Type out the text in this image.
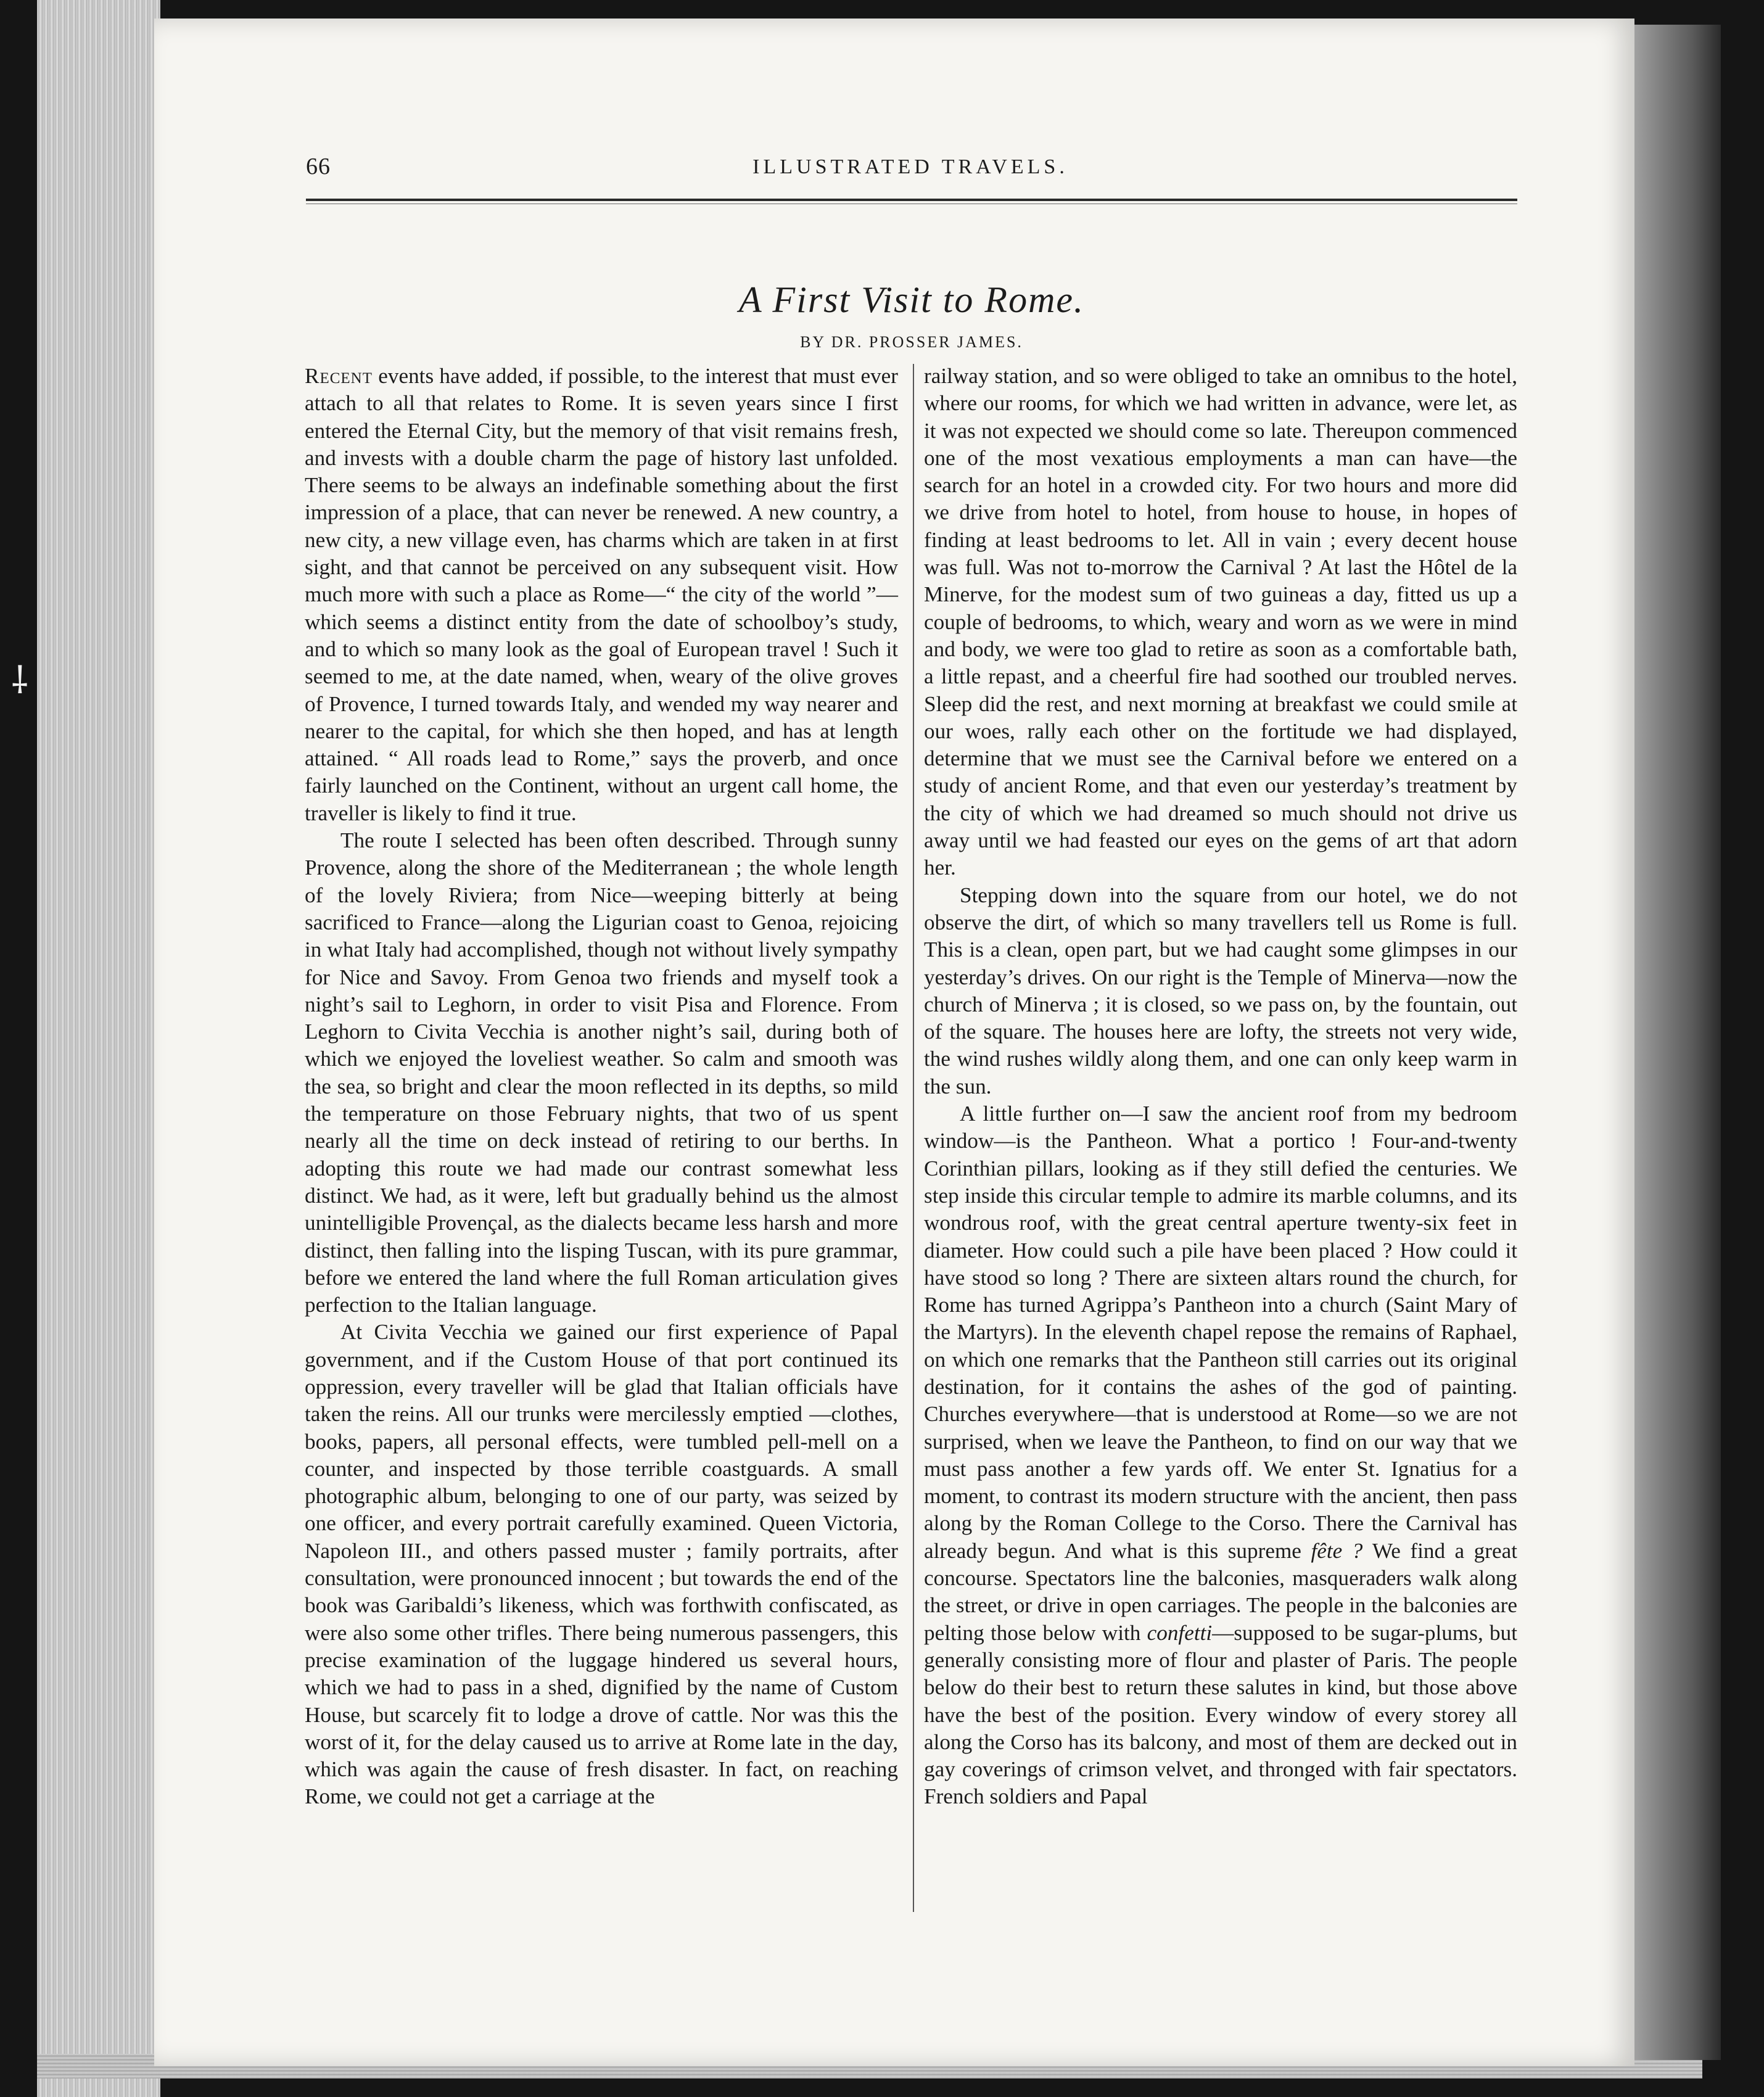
⸸
66	ILLUSTRATED TRAVELS.
A First Visit to Rome.
BY DR. PROSSER JAMES.

Recent events have added, if possible, to the interest that must ever attach to all that relates to Rome. It is seven years since I first entered the Eternal City, but the memory of that visit remains fresh, and invests with a double charm the page of history last unfolded. There seems to be always an indefinable something about the first impression of a place, that can never be renewed. A new country, a new city, a new village even, has charms which are taken in at first sight, and that cannot be perceived on any subsequent visit. How much more with such a place as Rome—“ the city of the world ”—which seems a distinct entity from the date of schoolboy’s study, and to which so many look as the goal of European travel ! Such it seemed to me, at the date named, when, weary of the olive groves of Provence, I turned towards Italy, and wended my way nearer and nearer to the capital, for which she then hoped, and has at length attained. “ All roads lead to Rome,” says the proverb, and once fairly launched on the Continent, without an urgent call home, the traveller is likely to find it true.

The route I selected has been often described. Through sunny Provence, along the shore of the Mediterranean ; the whole length of the lovely Riviera; from Nice—weeping bitterly at being sacrificed to France—along the Ligurian coast to Genoa, rejoicing in what Italy had accomplished, though not without lively sympathy for Nice and Savoy. From Genoa two friends and myself took a night’s sail to Leghorn, in order to visit Pisa and Florence. From Leghorn to Civita Vecchia is another night’s sail, during both of which we enjoyed the loveliest weather. So calm and smooth was the sea, so bright and clear the moon reflected in its depths, so mild the temperature on those February nights, that two of us spent nearly all the time on deck instead of retiring to our berths. In adopting this route we had made our contrast somewhat less distinct. We had, as it were, left but gradually behind us the almost unintelligible Provençal, as the dialects became less harsh and more distinct, then falling into the lisping Tuscan, with its pure grammar, before we entered the land where the full Roman articulation gives perfection to the Italian language.

At Civita Vecchia we gained our first experience of Papal government, and if the Custom House of that port continued its oppression, every traveller will be glad that Italian officials have taken the reins. All our trunks were mercilessly emptied —clothes, books, papers, all personal effects, were tumbled pell-mell on a counter, and inspected by those terrible coastguards. A small photographic album, belonging to one of our party, was seized by one officer, and every portrait carefully examined. Queen Victoria, Napoleon III., and others passed muster ; family portraits, after consultation, were pronounced innocent ; but towards the end of the book was Garibaldi’s likeness, which was forthwith confiscated, as were also some other trifles. There being numerous passengers, this precise examination of the luggage hindered us several hours, which we had to pass in a shed, dignified by the name of Custom House, but scarcely fit to lodge a drove of cattle. Nor was this the worst of it, for the delay caused us to arrive at Rome late in the day, which was again the cause of fresh disaster. In fact, on reaching Rome, we could not get a carriage at the

railway station, and so were obliged to take an omnibus to the hotel, where our rooms, for which we had written in advance, were let, as it was not expected we should come so late. Thereupon commenced one of the most vexatious employments a man can have—the search for an hotel in a crowded city. For two hours and more did we drive from hotel to hotel, from house to house, in hopes of finding at least bedrooms to let. All in vain ; every decent house was full. Was not to-morrow the Carnival ? At last the Hôtel de la Minerve, for the modest sum of two guineas a day, fitted us up a couple of bedrooms, to which, weary and worn as we were in mind and body, we were too glad to retire as soon as a comfortable bath, a little repast, and a cheerful fire had soothed our troubled nerves. Sleep did the rest, and next morning at breakfast we could smile at our woes, rally each other on the fortitude we had displayed, determine that we must see the Carnival before we entered on a study of ancient Rome, and that even our yesterday’s treatment by the city of which we had dreamed so much should not drive us away until we had feasted our eyes on the gems of art that adorn her.

Stepping down into the square from our hotel, we do not observe the dirt, of which so many travellers tell us Rome is full. This is a clean, open part, but we had caught some glimpses in our yesterday’s drives. On our right is the Temple of Minerva—now the church of Minerva ; it is closed, so we pass on, by the fountain, out of the square. The houses here are lofty, the streets not very wide, the wind rushes wildly along them, and one can only keep warm in the sun.

A little further on—I saw the ancient roof from my bedroom window—is the Pantheon. What a portico ! Four-and-twenty Corinthian pillars, looking as if they still defied the centuries. We step inside this circular temple to admire its marble columns, and its wondrous roof, with the great central aperture twenty-six feet in diameter. How could such a pile have been placed ? How could it have stood so long ? There are sixteen altars round the church, for Rome has turned Agrippa’s Pantheon into a church (Saint Mary of the Martyrs). In the eleventh chapel repose the remains of Raphael, on which one remarks that the Pantheon still carries out its original destination, for it contains the ashes of the god of painting. Churches everywhere—that is understood at Rome—so we are not surprised, when we leave the Pantheon, to find on our way that we must pass another a few yards off. We enter St. Ignatius for a moment, to contrast its modern structure with the ancient, then pass along by the Roman College to the Corso. There the Carnival has already begun. And what is this supreme fête ? We find a great concourse. Spectators line the balconies, masqueraders walk along the street, or drive in open carriages. The people in the balconies are pelting those below with confetti—supposed to be sugar-plums, but generally consisting more of flour and plaster of Paris. The people below do their best to return these salutes in kind, but those above have the best of the position. Every window of every storey all along the Corso has its balcony, and most of them are decked out in gay coverings of crimson velvet, and thronged with fair spectators. French soldiers and Papal
